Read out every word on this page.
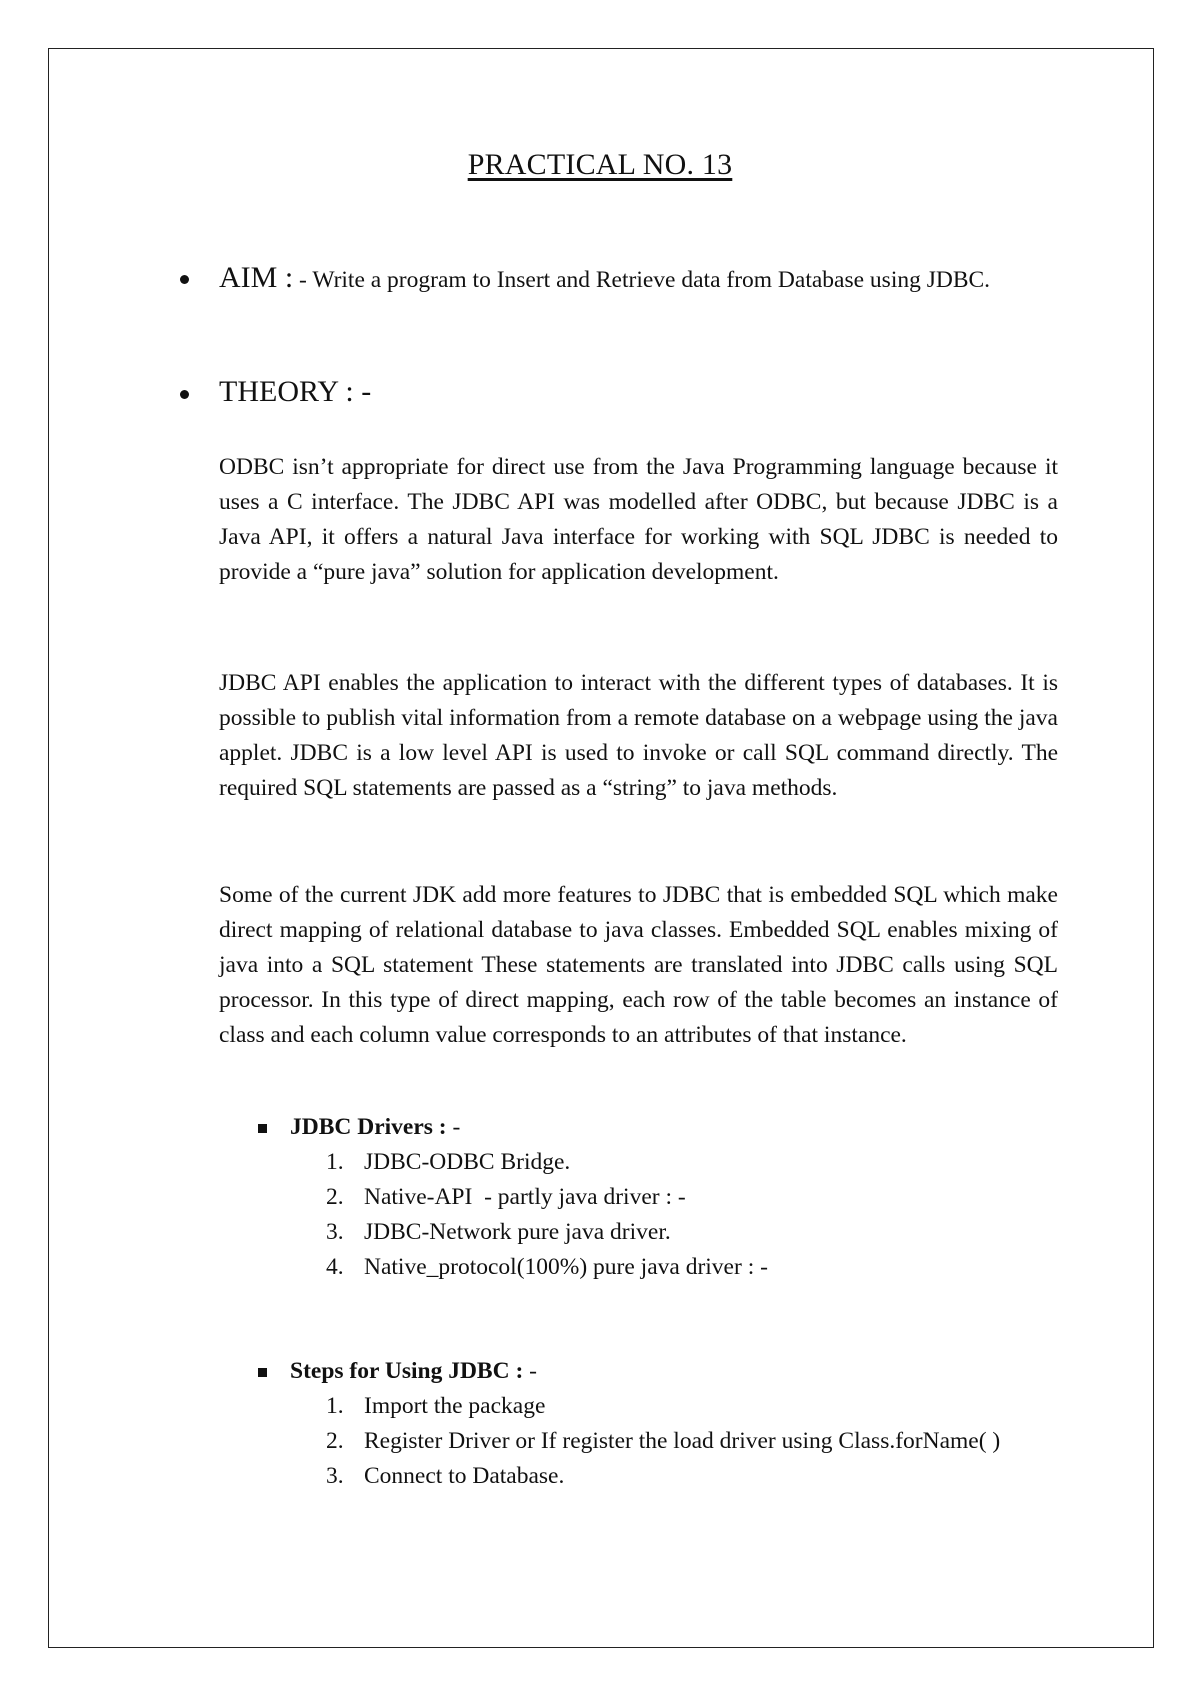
PRACTICAL NO. 13
AIM : - Write a program to Insert and Retrieve data from Database using JDBC.
THEORY : -

ODBC isn’t appropriate for direct use from the Java Programming language because it uses a C interface. The JDBC API was modelled after ODBC, but because JDBC is a Java API, it offers a natural Java interface for working with SQL JDBC is needed to provide a “pure java” solution for application development.

JDBC API enables the application to interact with the different types of databases. It is possible to publish vital information from a remote database on a webpage using the java applet. JDBC is a low level API is used to invoke or call SQL command directly. The required SQL statements are passed as a “string” to java methods.

Some of the current JDK add more features to JDBC that is embedded SQL which make direct mapping of relational database to java classes. Embedded SQL enables mixing of java into a SQL statement These statements are translated into JDBC calls using SQL processor. In this type of direct mapping, each row of the table becomes an instance of class and each column value corresponds to an attributes of that instance.

JDBC Drivers : -
1. JDBC-ODBC Bridge.
2. Native-API  - partly java driver : -
3. JDBC-Network pure java driver.
4. Native_protocol(100%) pure java driver : -
Steps for Using JDBC : -
1. Import the package
2. Register Driver or If register the load driver using Class.forName( )
3. Connect to Database.
